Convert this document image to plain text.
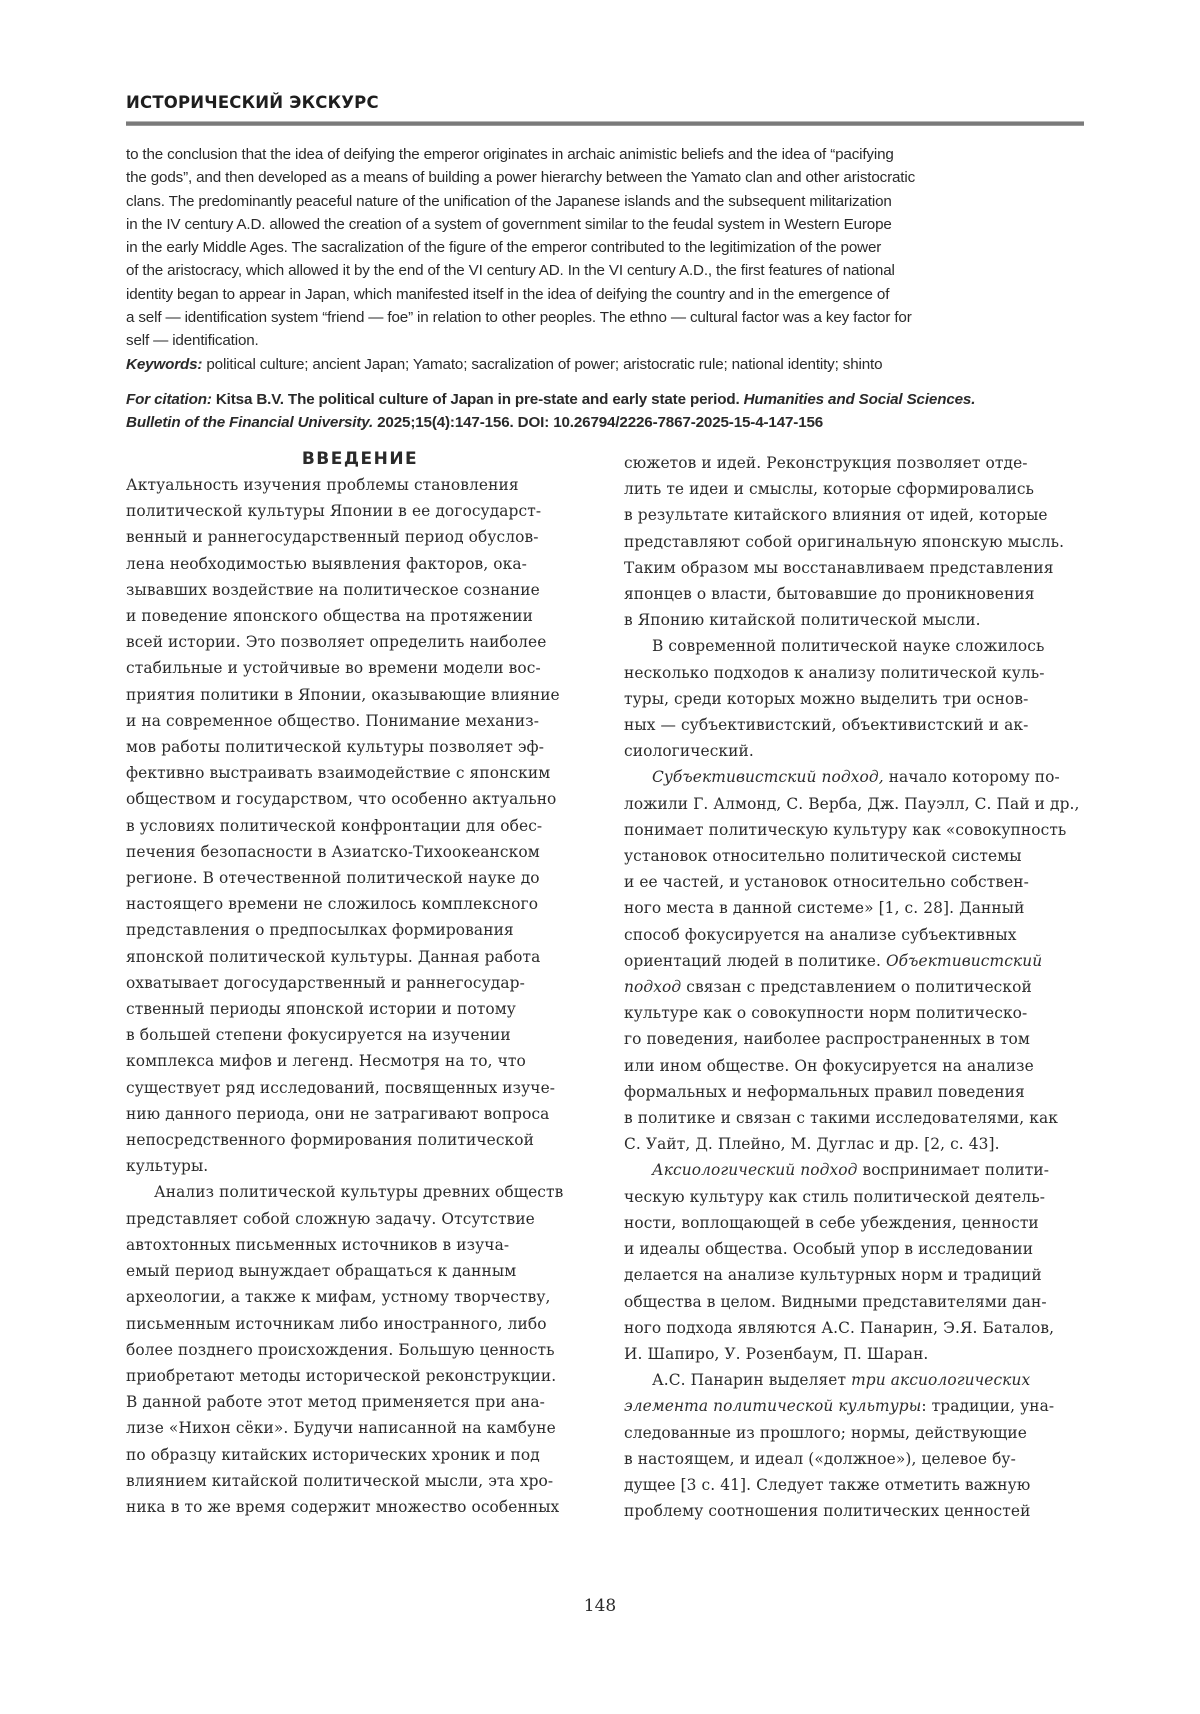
ИСТОРИЧЕСКИЙ ЭКСКУРС
to the conclusion that the idea of deifying the emperor originates in archaic animistic beliefs and the idea of “pacifying
the gods”, and then developed as a means of building a power hierarchy between the Yamato clan and other aristocratic
clans. The predominantly peaceful nature of the unification of the Japanese islands and the subsequent militarization
in the IV century A.D. allowed the creation of a system of government similar to the feudal system in Western Europe
in the early Middle Ages. The sacralization of the figure of the emperor contributed to the legitimization of the power
of the aristocracy, which allowed it by the end of the VI century AD. In the VI century A.D., the first features of national
identity began to appear in Japan, which manifested itself in the idea of deifying the country and in the emergence of
a self — identification system “friend — foe” in relation to other peoples. The ethno — cultural factor was a key factor for
self — identification.

Keywords: political culture; ancient Japan; Yamato; sacralization of power; aristocratic rule; national identity; shinto

For citation: Kitsa B.V. The political culture of Japan in pre-state and early state period. Humanities and Social Sciences.
Bulletin of the Financial University. 2025;15(4):147-156. DOI: 10.26794/2226-7867-2025-15-4-147-156
ВВЕДЕНИЕ

Актуальность изучения проблемы становления
политической культуры Японии в ее догосударст-
венный и раннегосударственный период обуслов-
лена необходимостью выявления факторов, ока-
зывавших воздействие на политическое сознание
и поведение японского общества на протяжении
всей истории. Это позволяет определить наиболее
стабильные и устойчивые во времени модели вос-
приятия политики в Японии, оказывающие влияние
и на современное общество. Понимание механиз-
мов работы политической культуры позволяет эф-
фективно выстраивать взаимодействие с японским
обществом и государством, что особенно актуально
в условиях политической конфронтации для обес-
печения безопасности в Азиатско-Тихоокеанском
регионе. В отечественной политической науке до
настоящего времени не сложилось комплексного
представления о предпосылках формирования
японской политической культуры. Данная работа
охватывает догосударственный и раннегосудар-
ственный периоды японской истории и потому
в большей степени фокусируется на изучении
комплекса мифов и легенд. Несмотря на то, что
существует ряд исследований, посвященных изуче-
нию данного периода, они не затрагивают вопроса
непосредственного формирования политической
культуры.

Анализ политической культуры древних обществ
представляет собой сложную задачу. Отсутствие
автохтонных письменных источников в изуча-
емый период вынуждает обращаться к данным
археологии, а также к мифам, устному творчеству,
письменным источникам либо иностранного, либо
более позднего происхождения. Большую ценность
приобретают методы исторической реконструкции.
В данной работе этот метод применяется при ана-
лизе «Нихон сёки». Будучи написанной на камбуне
по образцу китайских исторических хроник и под
влиянием китайской политической мысли, эта хро-
ника в то же время содержит множество особенных

сюжетов и идей. Реконструкция позволяет отде-
лить те идеи и смыслы, которые сформировались
в результате китайского влияния от идей, которые
представляют собой оригинальную японскую мысль.
Таким образом мы восстанавливаем представления
японцев о власти, бытовавшие до проникновения
в Японию китайской политической мысли.

В современной политической науке сложилось
несколько подходов к анализу политической куль-
туры, среди которых можно выделить три основ-
ных — субъективистский, объективистский и ак-
сиологический.

Субъективистский подход, начало которому по-
ложили Г. Алмонд, С. Верба, Дж. Пауэлл, С. Пай и др.,
понимает политическую культуру как «совокупность
установок относительно политической системы
и ее частей, и установок относительно собствен-
ного места в данной системе» [1, с. 28]. Данный
способ фокусируется на анализе субъективных
ориентаций людей в политике. Объективистский
подход связан с представлением о политической
культуре как о совокупности норм политическо-
го поведения, наиболее распространенных в том
или ином обществе. Он фокусируется на анализе
формальных и неформальных правил поведения
в политике и связан с такими исследователями, как
С. Уайт, Д. Плейно, М. Дуглас и др. [2, с. 43].

Аксиологический подход воспринимает полити-
ческую культуру как стиль политической деятель-
ности, воплощающей в себе убеждения, ценности
и идеалы общества. Особый упор в исследовании
делается на анализе культурных норм и традиций
общества в целом. Видными представителями дан-
ного подхода являются А.С. Панарин, Э.Я. Баталов,
И. Шапиро, У. Розенбаум, П. Шаран.

А.С. Панарин выделяет три аксиологических
элемента политической культуры: традиции, уна-
следованные из прошлого; нормы, действующие
в настоящем, и идеал («должное»), целевое бу-
дущее [3 с. 41]. Следует также отметить важную
проблему соотношения политических ценностей

148
